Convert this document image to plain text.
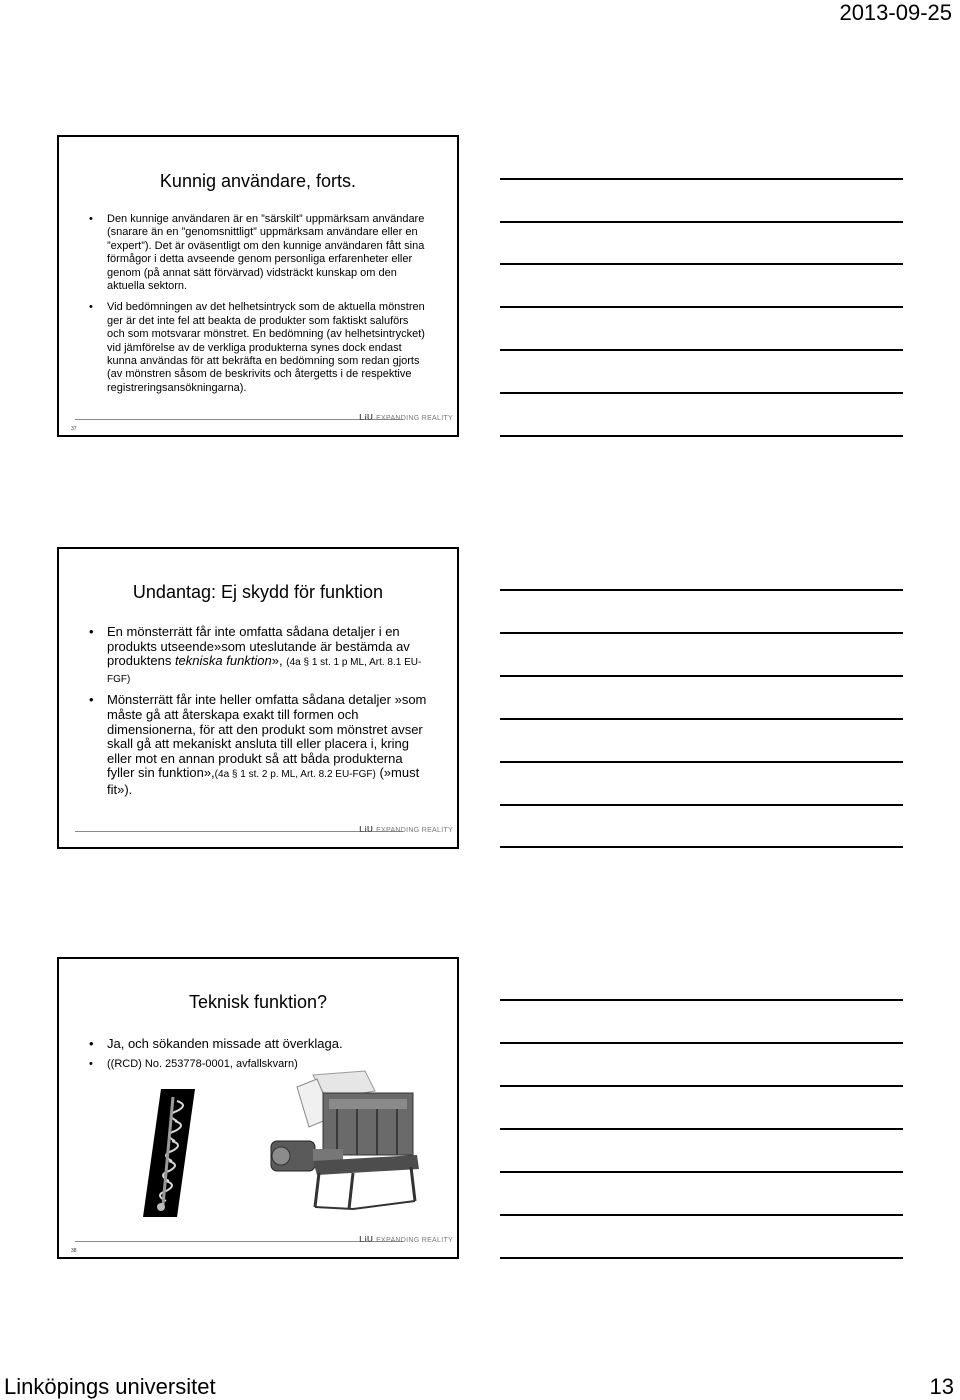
2013-09-25
Kunnig användare, forts.
• Den kunnige användaren är en ”särskilt” uppmärksam användare (snarare än en ”genomsnittligt” uppmärksam användare eller en ”expert”). Det är oväsentligt om den kunnige användaren fått sina förmågor i detta avseende genom personliga erfarenheter eller genom (på annat sätt förvärvad) vidsträckt kunskap om den aktuella sektorn.
• Vid bedömningen av det helhetsintryck som de aktuella mönstren ger är det inte fel att beakta de produkter som faktiskt saluförs och som motsvarar mönstret. En bedömning (av helhetsintrycket) vid jämförelse av de verkliga produkterna synes dock endast kunna användas för att bekräfta en bedömning som redan gjorts (av mönstren såsom de beskrivits och återgetts i de respektive registreringsansökningarna).
LiU EXPANDING REALITY
37
Undantag: Ej skydd för funktion
• En mönsterrätt får inte omfatta sådana detaljer i en produkts utseende»som uteslutande är bestämda av produktens tekniska funktion», (4a § 1 st. 1 p ML, Art. 8.1 EU-FGF)
• Mönsterrätt får inte heller omfatta sådana detaljer »som måste gå att återskapa exakt till formen och dimensionerna, för att den produkt som mönstret avser skall gå att mekaniskt ansluta till eller placera i, kring eller mot en annan produkt så att båda produkterna fyller sin funktion»,(4a § 1 st. 2 p. ML, Art. 8.2 EU-FGF) (»must fit»).
LiU EXPANDING REALITY
Teknisk funktion?
• Ja, och sökanden missade att överklaga.
• ((RCD) No. 253778-0001, avfallskvarn)
LiU EXPANDING REALITY
38
Linköpings universitet	13
